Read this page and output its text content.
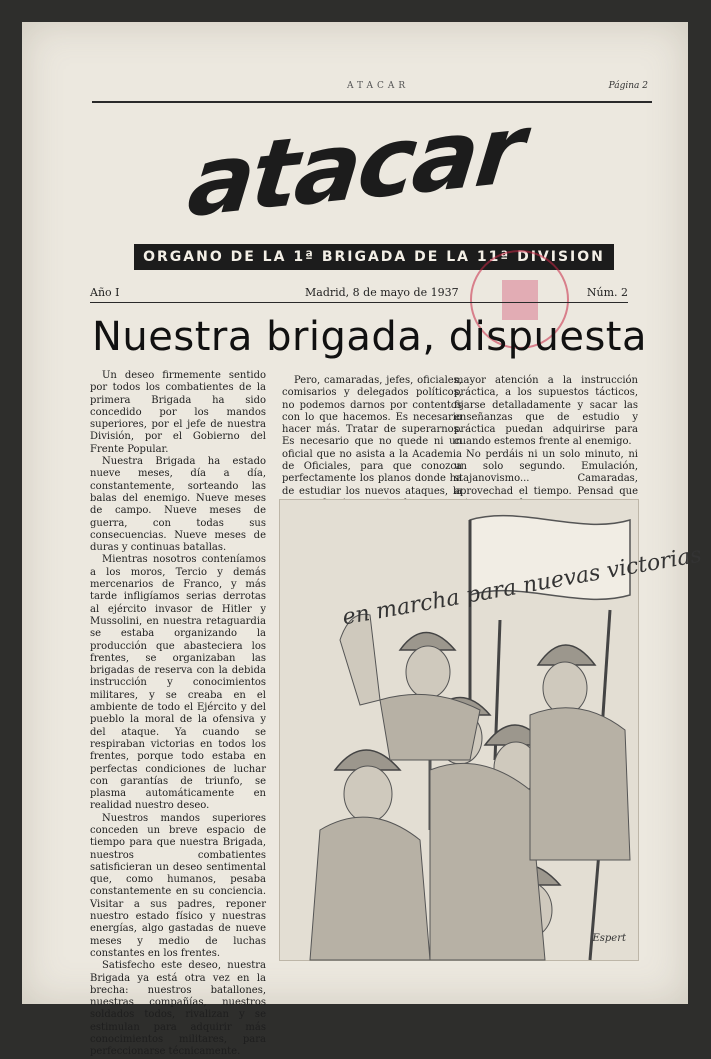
ATACAR	Página 2
atacar
ORGANO DE LA 1ª BRIGADA DE LA 11ª DIVISION
Año I	Madrid, 8 de mayo de 1937	Núm. 2
Nuestra brigada, dispuesta

Un deseo firmemente sentido por todos los combatientes de la primera Brigada ha sido concedido por los mandos superiores, por el jefe de nuestra División, por el Gobierno del Frente Popular.

Nuestra Brigada ha estado nueve meses, día a día, constantemente, sorteando las balas del enemigo. Nueve meses de campo. Nueve meses de guerra, con todas sus consecuencias. Nueve meses de duras y continuas batallas.

Mientras nosotros conteníamos a los moros, Tercio y demás mercenarios de Franco, y más tarde infligíamos serias derrotas al ejército invasor de Hitler y Mussolini, en nuestra retaguardia se estaba organizando la producción que abasteciera los frentes, se organizaban las brigadas de reserva con la debida instrucción y conocimientos militares, y se creaba en el ambiente de todo el Ejército y del pueblo la moral de la ofensiva y del ataque. Ya cuando se respiraban victorias en todos los frentes, porque todo estaba en perfectas condiciones de luchar con garantías de triunfo, se plasma automáticamente en realidad nuestro deseo.

Nuestros mandos superiores conceden un breve espacio de tiempo para que nuestra Brigada, nuestros combatientes satisficieran un deseo sentimental que, como humanos, pesaba constantemente en su conciencia. Visitar a sus padres, reponer nuestro estado físico y nuestras energías, algo gastadas de nueve meses y medio de luchas constantes en los frentes.

Satisfecho este deseo, nuestra Brigada ya está otra vez en la brecha: nuestros batallones, nuestras compañías, nuestros soldados todos, rivalizan y se estimulan para adquirir más conocimientos militares, para perfeccionarse técnicamente.

Pero, camaradas, jefes, oficiales, comisarios y delegados políticos, no podemos darnos por contentos con lo que hacemos. Es necesario hacer más. Tratar de superarnos. Es necesario que no quede ni un oficial que no asista a la Academia de Oficiales, para que conozca perfectamente los planos donde ha de estudiar los nuevos ataques, la

mayor atención a la instrucción práctica, a los supuestos tácticos, fijarse detalladamente y sacar las enseñanzas que de estudio y práctica puedan adquirirse para cuando estemos frente al enemigo.

No perdáis ni un solo minuto, ni un solo segundo. Emulación, stajanovismo... Camaradas, aprovechad el tiempo. Pensad que

en marcha para nuevas victorias
Espert
